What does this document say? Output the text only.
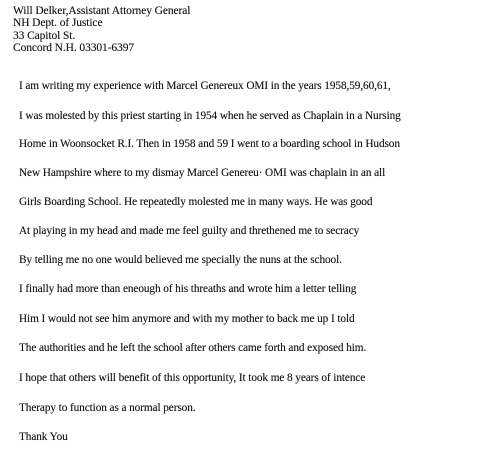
Will Delker,Assistant Attorney General
NH Dept. of Justice
33 Capitol St.
Concord N.H. 03301-6397
I am writing my experience with Marcel Genereux OMI in the years 1958,59,60,61,
I was molested by this priest starting in 1954 when he served as Chaplain in a Nursing
Home in Woonsocket R.I. Then in 1958 and 59 I went to a boarding school in Hudson
New Hampshire where to my dismay Marcel Genereu· OMI was chaplain in an all
Girls Boarding School. He repeatedly molested me in many ways. He was good
At playing in my head and made me feel guilty and threthened me to secracy
By telling me no one would believed me specially the nuns at the school.
I finally had more than eneough of his threaths and wrote him a letter telling
Him I would not see him anymore and with my mother to back me up I told
The authorities and he left the school after others came forth and exposed him.
I hope that others will benefit of this opportunity, It took me 8 years of intence
Therapy to function as a normal person.
Thank You
